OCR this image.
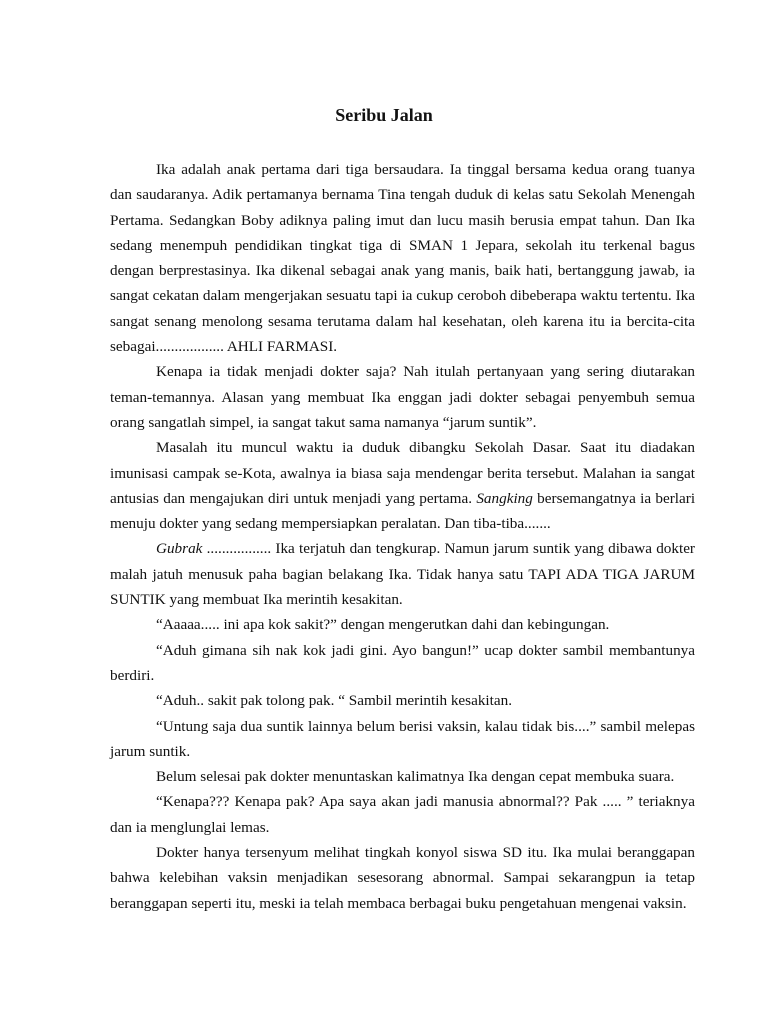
Seribu Jalan

Ika adalah anak pertama dari tiga bersaudara. Ia tinggal bersama kedua orang tuanya dan saudaranya. Adik pertamanya bernama Tina tengah duduk di kelas satu Sekolah Menengah Pertama. Sedangkan Boby adiknya paling imut dan lucu masih berusia empat tahun. Dan Ika sedang menempuh pendidikan tingkat tiga di SMAN 1 Jepara, sekolah itu terkenal bagus dengan berprestasinya. Ika dikenal sebagai anak yang manis, baik hati, bertanggung jawab, ia sangat cekatan dalam mengerjakan sesuatu tapi ia cukup ceroboh dibeberapa waktu tertentu. Ika sangat senang menolong sesama terutama dalam hal kesehatan, oleh karena itu ia bercita-cita sebagai.................. AHLI FARMASI.

Kenapa ia tidak menjadi dokter saja? Nah itulah pertanyaan yang sering diutarakan teman-temannya. Alasan yang membuat Ika enggan jadi dokter sebagai penyembuh semua orang sangatlah simpel, ia sangat takut sama namanya “jarum suntik”.

Masalah itu muncul waktu ia duduk dibangku Sekolah Dasar. Saat itu diadakan imunisasi campak se-Kota, awalnya ia biasa saja mendengar berita tersebut. Malahan ia sangat antusias dan mengajukan diri untuk menjadi yang pertama. Sangking bersemangatnya ia berlari menuju dokter yang sedang mempersiapkan peralatan. Dan tiba-tiba.......

Gubrak ................. Ika terjatuh dan tengkurap. Namun jarum suntik yang dibawa dokter malah jatuh menusuk paha bagian belakang Ika. Tidak hanya satu TAPI ADA TIGA JARUM SUNTIK yang membuat Ika merintih kesakitan.

“Aaaaa..... ini apa kok sakit?” dengan mengerutkan dahi dan kebingungan.

“Aduh gimana sih nak kok jadi gini. Ayo bangun!” ucap dokter sambil membantunya berdiri.

“Aduh.. sakit pak tolong pak. “ Sambil merintih kesakitan.

“Untung saja dua suntik lainnya belum berisi vaksin, kalau tidak bis....” sambil melepas jarum suntik.

Belum selesai pak dokter menuntaskan kalimatnya Ika dengan cepat membuka suara.

“Kenapa??? Kenapa pak? Apa saya akan jadi manusia abnormal?? Pak ..... ” teriaknya dan ia menglunglai lemas.

Dokter hanya tersenyum melihat tingkah konyol siswa SD itu. Ika mulai beranggapan bahwa kelebihan vaksin menjadikan sesesorang abnormal. Sampai sekarangpun ia tetap beranggapan seperti itu, meski ia telah membaca berbagai buku pengetahuan mengenai vaksin.
